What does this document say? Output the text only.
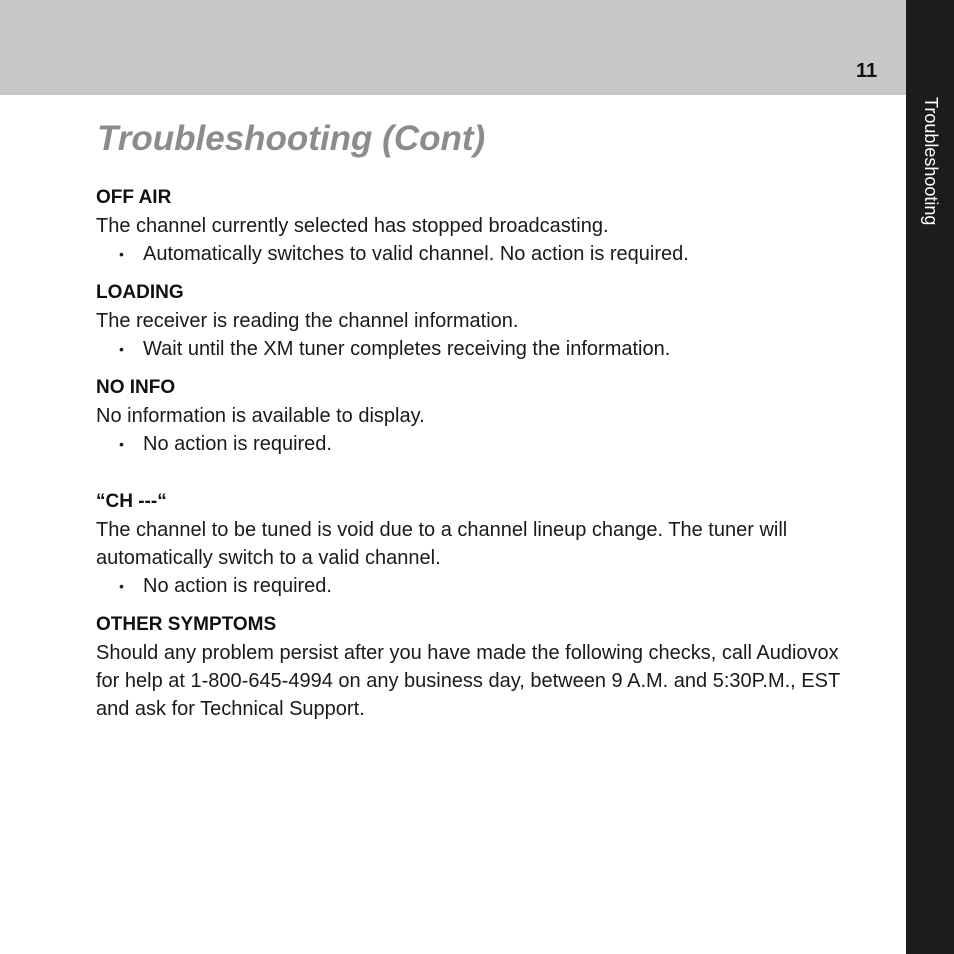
11
Troubleshooting
Troubleshooting (Cont)
OFF AIR

The channel currently selected has stopped broadcasting.

• Automatically switches to valid channel. No action is required.
LOADING

The receiver is reading the channel information.

• Wait until the XM tuner completes receiving the information.
NO INFO

No information is available to display.

• No action is required.
“CH ---“

The channel to be tuned is void due to a channel lineup change. The tuner will automatically switch to a valid channel.

• No action is required.
OTHER SYMPTOMS

Should any problem persist after you have made the following checks, call Audiovox for help at 1-800-645-4994 on any business day, between 9 A.M. and 5:30P.M., EST and ask for Technical Support.
